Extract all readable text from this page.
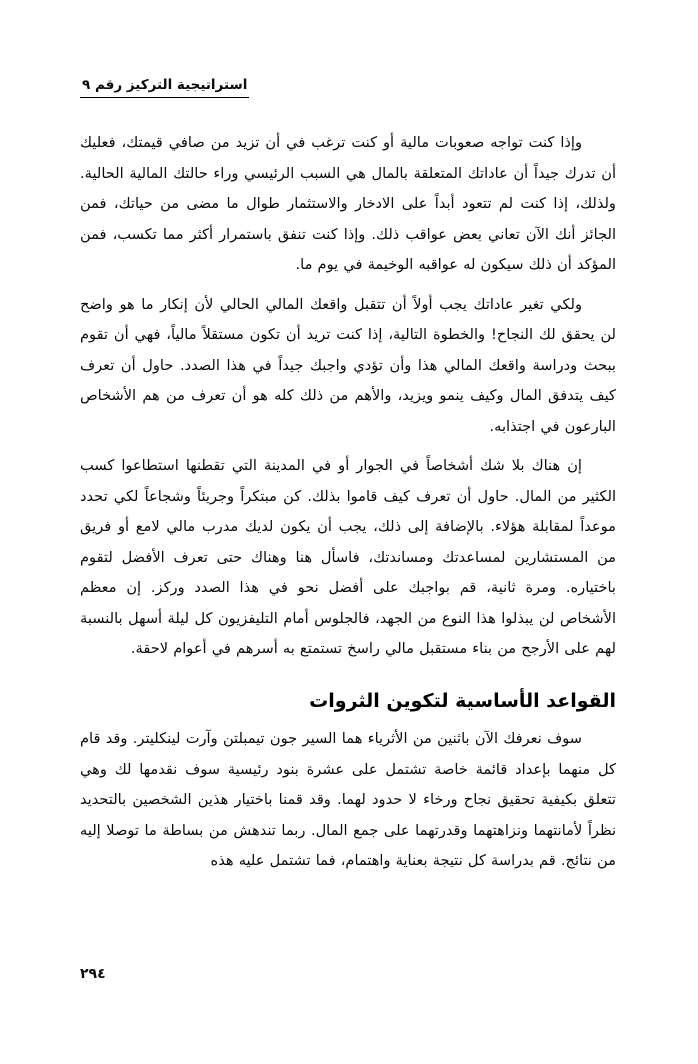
استراتيجية التركيز رقم ٩

وإذا كنت تواجه صعوبات مالية أو كنت ترغب في أن تزيد من صافي قيمتك، فعليك أن تدرك جيداً أن عاداتك المتعلقة بالمال هي السبب الرئيسي وراء حالتك المالية الحالية. ولذلك، إذا كنت لم تتعود أبداً على الادخار والاستثمار طوال ما مضى من حياتك، فمن الجائز أنك الآن تعاني بعض عواقب ذلك. وإذا كنت تنفق باستمرار أكثر مما تكسب، فمن المؤكد أن ذلك سيكون له عواقبه الوخيمة في يوم ما.

ولكي تغير عاداتك يجب أولاً أن تتقبل واقعك المالي الحالي لأن إنكار ما هو واضح لن يحقق لك النجاح! والخطوة التالية، إذا كنت تريد أن تكون مستقلاً مالياً، فهي أن تقوم ببحث ودراسة واقعك المالي هذا وأن تؤدي واجبك جيداً في هذا الصدد. حاول أن تعرف كيف يتدفق المال وكيف ينمو ويزيد، والأهم من ذلك كله هو أن تعرف من هم الأشخاص البارعون في اجتذابه.

إن هناك بلا شك أشخاصاً في الجوار أو في المدينة التي تقطنها استطاعوا كسب الكثير من المال. حاول أن تعرف كيف قاموا بذلك. كن مبتكراً وجريئاً وشجاعاً لكي تحدد موعداً لمقابلة هؤلاء. بالإضافة إلى ذلك، يجب أن يكون لديك مدرب مالي لامع أو فريق من المستشارين لمساعدتك ومساندتك، فاسأل هنا وهناك حتى تعرف الأفضل لتقوم باختياره. ومرة ثانية، قم بواجبك على أفضل نحو في هذا الصدد وركز. إن معظم الأشخاص لن يبذلوا هذا النوع من الجهد، فالجلوس أمام التليفزيون كل ليلة أسهل بالنسبة لهم على الأرجح من بناء مستقبل مالي راسخ تستمتع به أسرهم في أعوام لاحقة.

القواعد الأساسية لتكوين الثروات

سوف نعرفك الآن باثنين من الأثرياء هما السير جون تيمبلتن وآرت لينكليتر. وقد قام كل منهما بإعداد قائمة خاصة تشتمل على عشرة بنود رئيسية سوف نقدمها لك وهي تتعلق بكيفية تحقيق نجاح ورخاء لا حدود لهما. وقد قمنا باختيار هذين الشخصين بالتحديد نظراً لأمانتهما ونزاهتهما وقدرتهما على جمع المال. ربما تندهش من بساطة ما توصلا إليه من نتائج. قم بدراسة كل نتيجة بعناية واهتمام، فما تشتمل عليه هذه

٢٩٤
